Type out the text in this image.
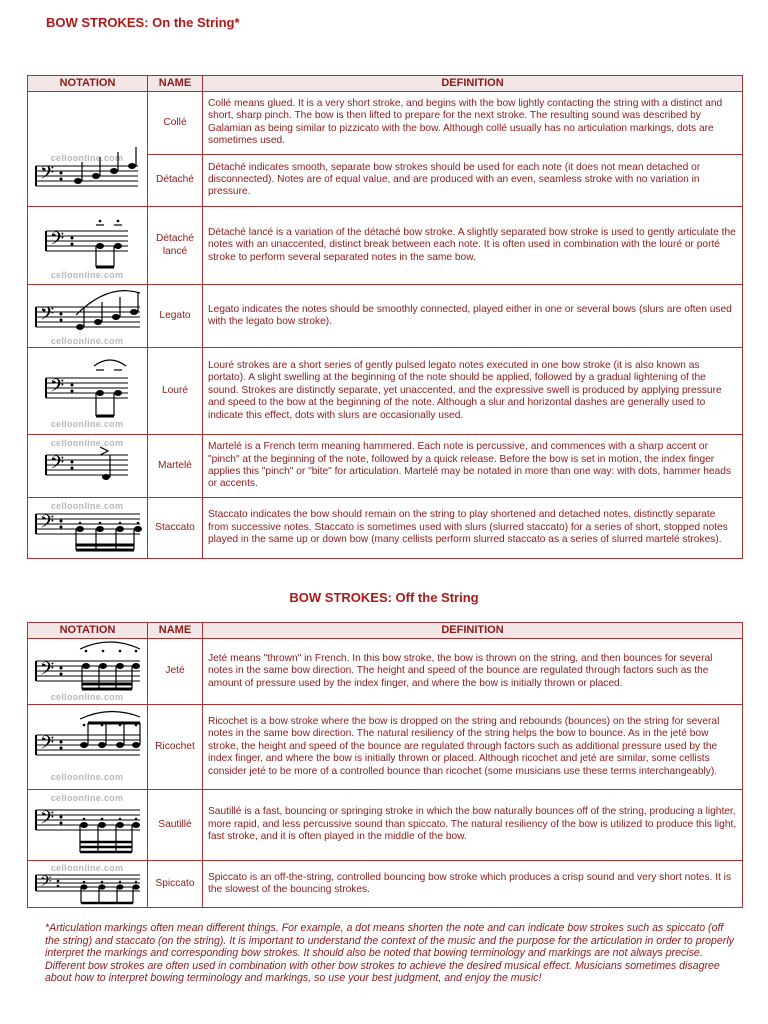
BOW STROKES: On the String*
NOTATION	NAME	DEFINITION

celloonline.com
𝄢	Collé	Collé means glued. It is a very short stroke, and begins with the bow lightly contacting the string with a distinct and short, sharp pinch. The bow is then lifted to prepare for the next stroke. The resulting sound was described by Galamian as being similar to pizzicato with the bow. Although collé usually has no articulation markings, dots are sometimes used.
	Détaché	Détaché indicates smooth, separate bow strokes should be used for each note (it does not mean detached or disconnected). Notes are of equal value, and are produced with an even, seamless stroke with no variation in pressure.

𝄢
celloonline.com	Détaché lancé	Détaché lancé is a variation of the détaché bow stroke. A slightly separated bow stroke is used to gently articulate the notes with an unaccented, distinct break between each note. It is often used in combination with the louré or porté stroke to perform several separated notes in the same bow.

𝄢
celloonline.com	Legato	Legato indicates the notes should be smoothly connected, played either in one or several bows (slurs are often used with the legato bow stroke).

𝄢
celloonline.com	Louré	Louré strokes are a short series of gently pulsed legato notes executed in one bow stroke (it is also known as portato). A slight swelling at the beginning of the note should be applied, followed by a gradual lightening of the sound. Strokes are distinctly separate, yet unaccented, and the expressive swell is produced by applying pressure and speed to the bow at the beginning of the note. Although a slur and horizontal dashes are generally used to indicate this effect, dots with slurs are occasionally used.

celloonline.com
𝄢	Martelé	Martelé is a French term meaning hammered. Each note is percussive, and commences with a sharp accent or "pinch" at the beginning of the note, followed by a quick release. Before the bow is set in motion, the index finger applies this "pinch" or "bite" for articulation. Martelé may be notated in more than one way: with dots, hammer heads or accents.

celloonline.com
𝄢	Staccato	Staccato indicates the bow should remain on the string to play shortened and detached notes, distinctly separate from successive notes. Staccato is sometimes used with slurs (slurred staccato) for a series of short, stopped notes played in the same up or down bow (many cellists perform slurred staccato as a series of slurred martelé strokes).
BOW STROKES: Off the String
NOTATION	NAME	DEFINITION

𝄢
celloonline.com	Jeté	Jeté means "thrown" in French. In this bow stroke, the bow is thrown on the string, and then bounces for several notes in the same bow direction. The height and speed of the bounce are regulated through factors such as the amount of pressure used by the index finger, and where the bow is initially thrown or placed.

𝄢
celloonline.com	Ricochet	Ricochet is a bow stroke where the bow is dropped on the string and rebounds (bounces) on the string for several notes in the same bow direction. The natural resiliency of the string helps the bow to bounce. As in the jeté bow stroke, the height and speed of the bounce are regulated through factors such as additional pressure used by the index finger, and where the bow is initially thrown or placed. Although ricochet and jeté are similar, some cellists consider jeté to be more of a controlled bounce than ricochet (some musicians use these terms interchangeably).

celloonline.com
𝄢	Sautillé	Sautillé is a fast, bouncing or springing stroke in which the bow naturally bounces off of the string, producing a lighter, more rapid, and less percussive sound than spiccato. The natural resiliency of the bow is utilized to produce this light, fast stroke, and it is often played in the middle of the bow.

celloonline.com
𝄢	Spiccato	Spiccato is an off-the-string, controlled bouncing bow stroke which produces a crisp sound and very short notes. It is the slowest of the bouncing strokes.
*Articulation markings often mean different things. For example, a dot means shorten the note and can indicate bow strokes such as spiccato (off the string) and staccato (on the string). It is important to understand the context of the music and the purpose for the articulation in order to properly interpret the markings and corresponding bow strokes. It should also be noted that bowing terminology and markings are not always precise. Different bow strokes are often used in combination with other bow strokes to achieve the desired musical effect. Musicians sometimes disagree about how to interpret bowing terminology and markings, so use your best judgment, and enjoy the music!
